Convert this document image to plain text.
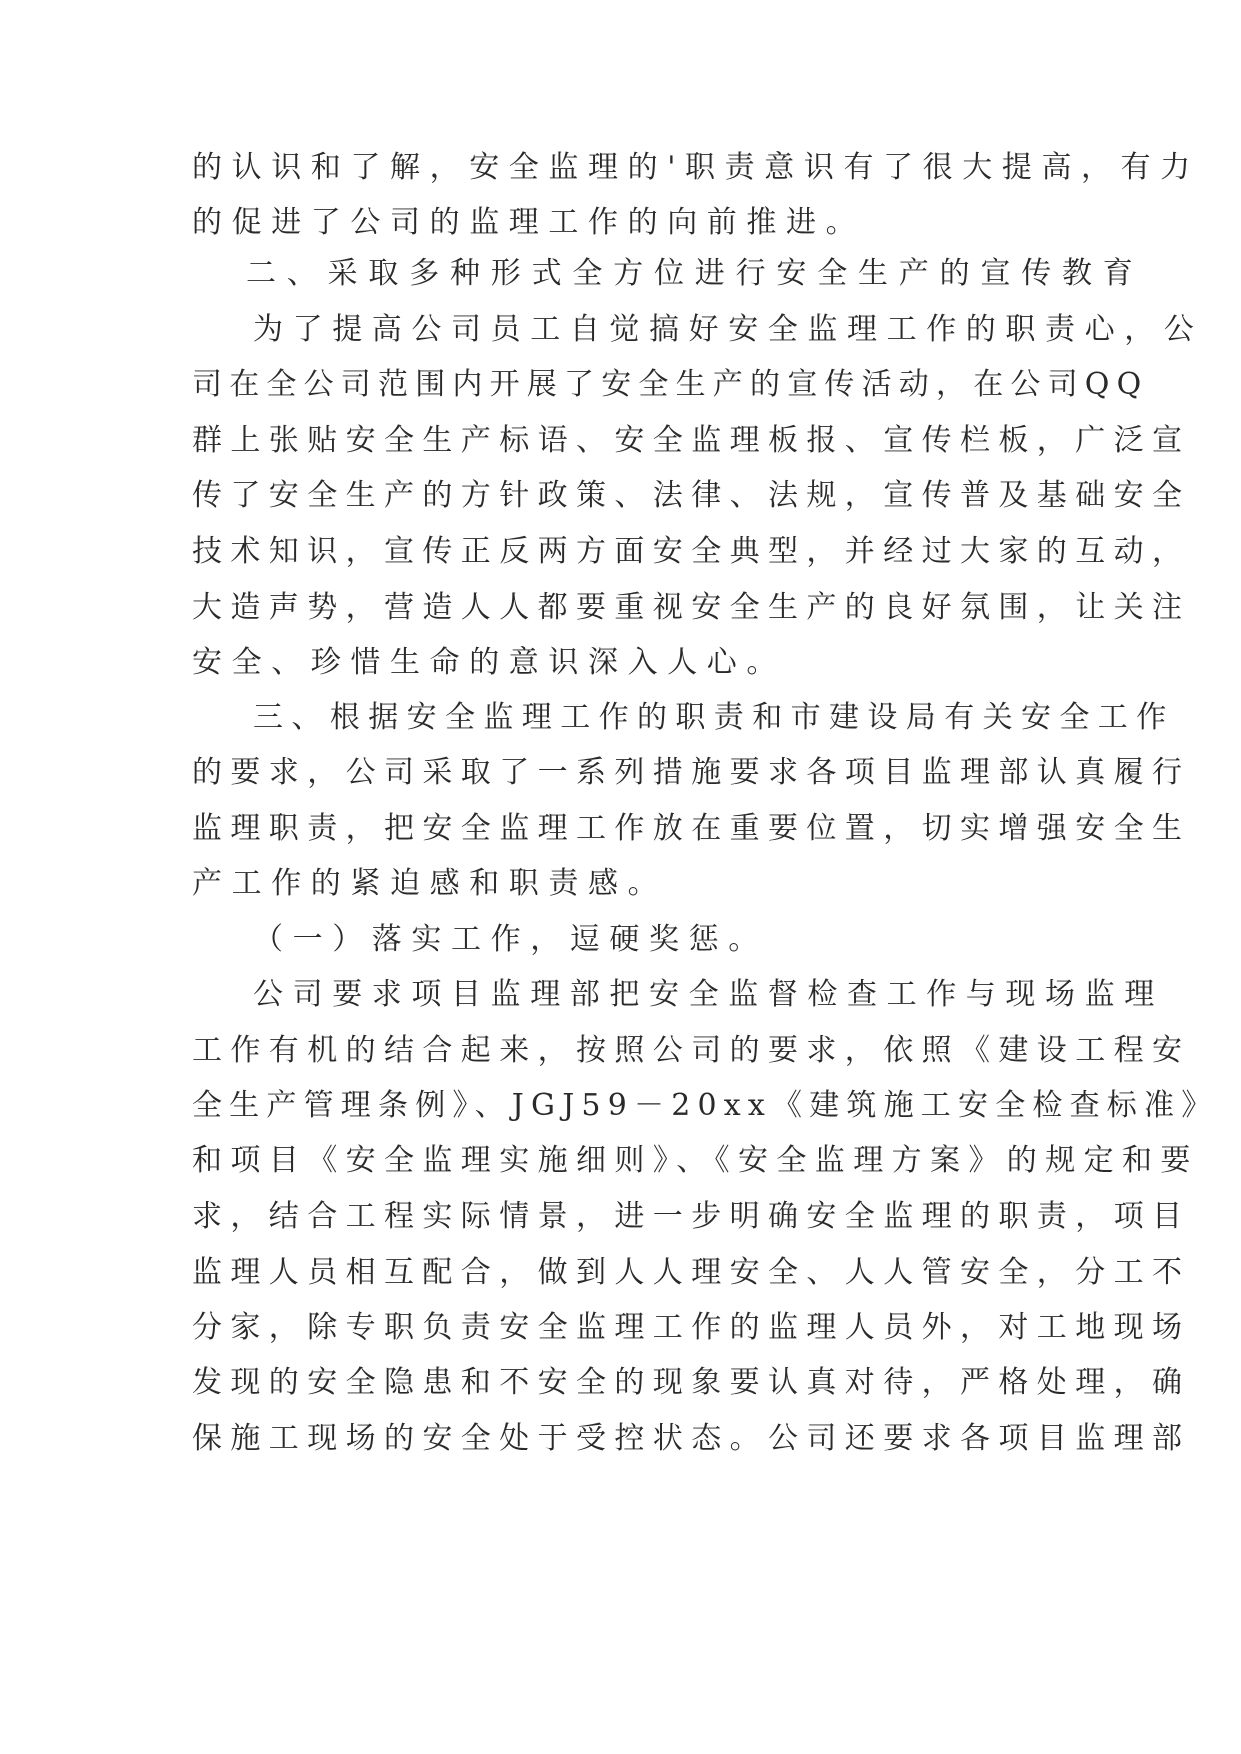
的认识和了解，安全监理的'职责意识有了很大提高，有力
的促进了公司的监理工作的向前推进。
二、采取多种形式全方位进行安全生产的宣传教育
为了提高公司员工自觉搞好安全监理工作的职责心，公
司在全公司范围内开展了安全生产的宣传活动，在公司QQ
群上张贴安全生产标语、安全监理板报、宣传栏板，广泛宣
传了安全生产的方针政策、法律、法规，宣传普及基础安全
技术知识，宣传正反两方面安全典型，并经过大家的互动，
大造声势，营造人人都要重视安全生产的良好氛围，让关注
安全、珍惜生命的意识深入人心。
三、根据安全监理工作的职责和市建设局有关安全工作
的要求，公司采取了一系列措施要求各项目监理部认真履行
监理职责，把安全监理工作放在重要位置，切实增强安全生
产工作的紧迫感和职责感。
（一）落实工作，逗硬奖惩。
公司要求项目监理部把安全监督检查工作与现场监理
工作有机的结合起来，按照公司的要求，依照《建设工程安
全生产管理条例》、JGJ59－20xx《建筑施工安全检查标准》
和项目《安全监理实施细则》、《安全监理方案》的规定和要
求，结合工程实际情景，进一步明确安全监理的职责，项目
监理人员相互配合，做到人人理安全、人人管安全，分工不
分家，除专职负责安全监理工作的监理人员外，对工地现场
发现的安全隐患和不安全的现象要认真对待，严格处理，确
保施工现场的安全处于受控状态。公司还要求各项目监理部
